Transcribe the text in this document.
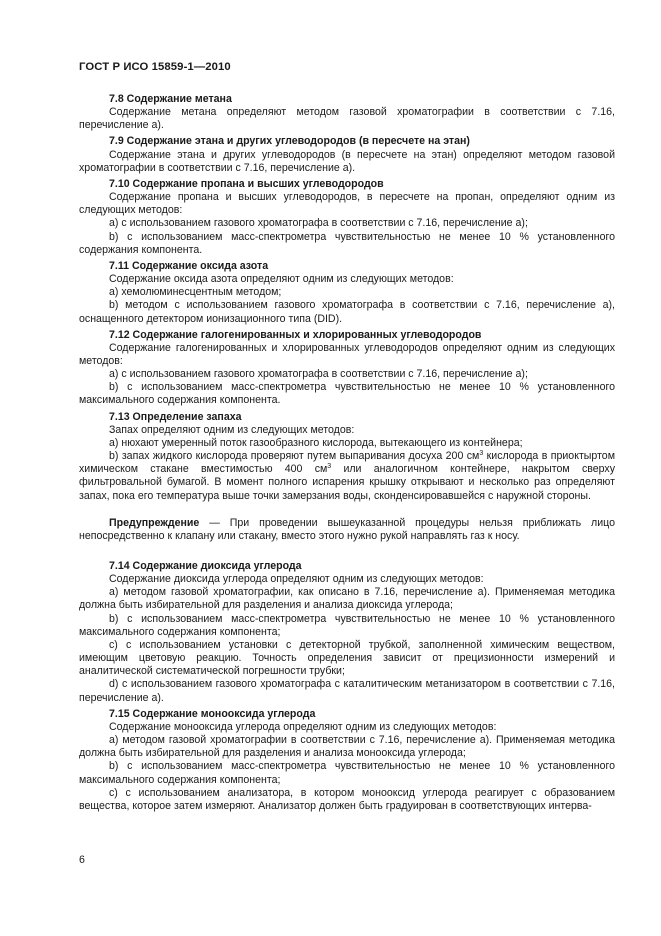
ГОСТ Р ИСО 15859-1—2010
7.8 Содержание метана

Содержание метана определяют методом газовой хроматографии в соответствии с 7.16, перечисление а).

7.9 Содержание этана и других углеводородов (в пересчете на этан)

Содержание этана и других углеводородов (в пересчете на этан) определяют методом газовой хроматографии в соответствии с 7.16, перечисление а).

7.10 Содержание пропана и высших углеводородов

Содержание пропана и высших углеводородов, в пересчете на пропан, определяют одним из следующих методов:

а) с использованием газового хроматографа в соответствии с 7.16, перечисление а);

b) с использованием масс-спектрометра чувствительностью не менее 10 % установленного содержания компонента.

7.11 Содержание оксида азота

Содержание оксида азота определяют одним из следующих методов:

а) хемолюминесцентным методом;

b) методом с использованием газового хроматографа в соответствии с 7.16, перечисление а), оснащенного детектором ионизационного типа (DID).

7.12 Содержание галогенированных и хлорированных углеводородов

Содержание галогенированных и хлорированных углеводородов определяют одним из следующих методов:

а) с использованием газового хроматографа в соответствии с 7.16, перечисление а);

b) с использованием масс-спектрометра чувствительностью не менее 10 % установленного максимального содержания компонента.

7.13 Определение запаха

Запах определяют одним из следующих методов:

а) нюхают умеренный поток газообразного кислорода, вытекающего из контейнера;

b) запах жидкого кислорода проверяют путем выпаривания досуха 200 $см^3$ кислорода в приоктыртом химическом стакане вместимостью 400 $см^3$ или аналогичном контейнере, накрытом сверху фильтровальной бумагой. В момент полного испарения крышку открывают и несколько раз определяют запах, пока его температура выше точки замерзания воды, сконденсировавшейся с наружной стороны.

Предупреждение — При проведении вышеуказанной процедуры нельзя приближать лицо непосредственно к клапану или стакану, вместо этого нужно рукой направлять газ к носу.

7.14 Содержание диоксида углерода

Содержание диоксида углерода определяют одним из следующих методов:

а) методом газовой хроматографии, как описано в 7.16, перечисление а). Применяемая методика должна быть избирательной для разделения и анализа диоксида углерода;

b) с использованием масс-спектрометра чувствительностью не менее 10 % установленного максимального содержания компонента;

с) с использованием установки с детекторной трубкой, заполненной химическим веществом, имеющим цветовую реакцию. Точность определения зависит от прецизионности измерений и аналитической систематической погрешности трубки;

d) с использованием газового хроматографа с каталитическим метанизатором в соответствии с 7.16, перечисление а).

7.15 Содержание монооксида углерода

Содержание монооксида углерода определяют одним из следующих методов:

а) методом газовой хроматографии в соответствии с 7.16, перечисление а). Применяемая методика должна быть избирательной для разделения и анализа монооксида углерода;

b) с использованием масс-спектрометра чувствительностью не менее 10 % установленного максимального содержания компонента;

с) с использованием анализатора, в котором монооксид углерода реагирует с образованием вещества, которое затем измеряют. Анализатор должен быть градуирован в соответствующих интерва-

6
